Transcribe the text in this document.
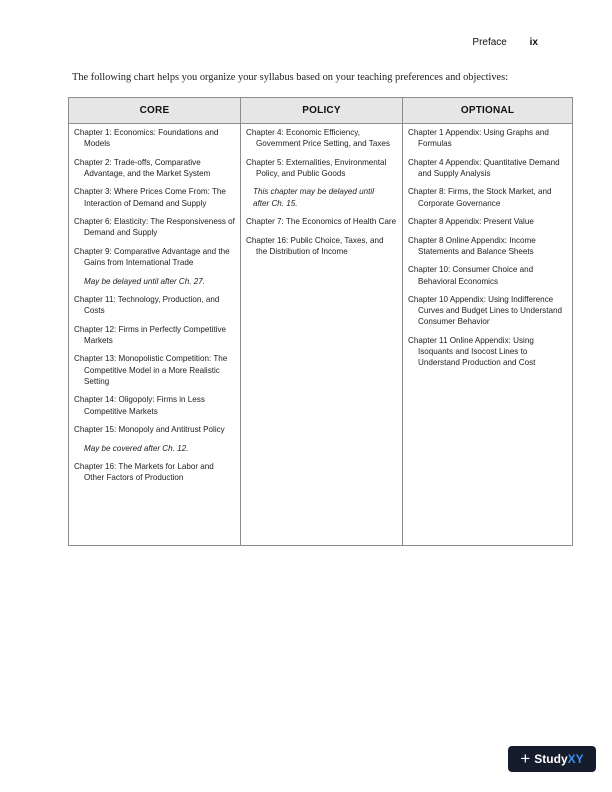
Preface ix
The following chart helps you organize your syllabus based on your teaching preferences and objectives:
CORE
Chapter 1: Economics: Foundations and Models
Chapter 2: Trade-offs, Comparative Advantage, and the Market System
Chapter 3: Where Prices Come From: The Interaction of Demand and Supply
Chapter 6: Elasticity: The Responsiveness of Demand and Supply
Chapter 9: Comparative Advantage and the Gains from International Trade
May be delayed until after Ch. 27.
Chapter 11: Technology, Production, and Costs
Chapter 12: Firms in Perfectly Competitive Markets
Chapter 13: Monopolistic Competition: The Competitive Model in a More Realistic Setting
Chapter 14: Oligopoly: Firms in Less Competitive Markets
Chapter 15: Monopoly and Antitrust Policy
May be covered after Ch. 12.
Chapter 16: The Markets for Labor and Other Factors of Production
POLICY
Chapter 4: Economic Efficiency, Government Price Setting, and Taxes
Chapter 5: Externalities, Environmental Policy, and Public Goods
This chapter may be delayed until after Ch. 15.
Chapter 7: The Economics of Health Care
Chapter 16: Public Choice, Taxes, and the Distribution of Income
OPTIONAL
Chapter 1 Appendix: Using Graphs and Formulas
Chapter 4 Appendix: Quantitative Demand and Supply Analysis
Chapter 8: Firms, the Stock Market, and Corporate Governance
Chapter 8 Appendix: Present Value
Chapter 8 Online Appendix: Income Statements and Balance Sheets
Chapter 10: Consumer Choice and Behavioral Economics
Chapter 10 Appendix: Using Indifference Curves and Budget Lines to Understand Consumer Behavior
Chapter 11 Online Appendix: Using Isoquants and Isocost Lines to Understand Production and Cost
+ StudyXY
